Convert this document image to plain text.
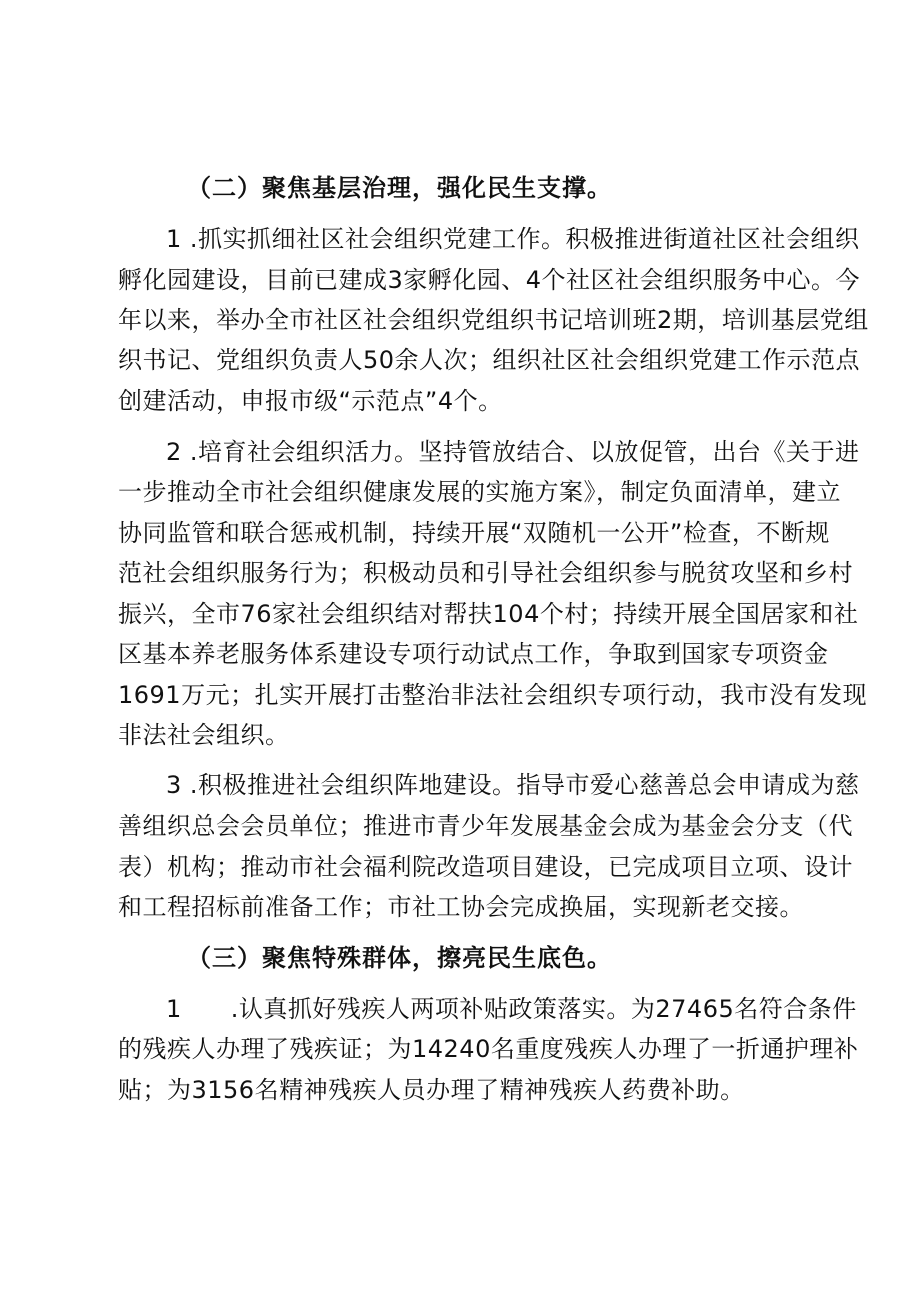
（二）聚焦基层治理，强化民生支撑。
1 .抓实抓细社区社会组织党建工作。积极推进街道社区社会组织
孵化园建设，目前已建成3家孵化园、4个社区社会组织服务中心。今
年以来，举办全市社区社会组织党组织书记培训班2期，培训基层党组
织书记、党组织负责人50余人次；组织社区社会组织党建工作示范点
创建活动，申报市级“示范点”4个。
2 .培育社会组织活力。坚持管放结合、以放促管，出台《关于进
一步推动全市社会组织健康发展的实施方案》，制定负面清单，建立
协同监管和联合惩戒机制，持续开展“双随机一公开”检查，不断规
范社会组织服务行为；积极动员和引导社会组织参与脱贫攻坚和乡村
振兴，全市76家社会组织结对帮扶104个村；持续开展全国居家和社
区基本养老服务体系建设专项行动试点工作，争取到国家专项资金
1691万元；扎实开展打击整治非法社会组织专项行动，我市没有发现
非法社会组织。
3 .积极推进社会组织阵地建设。指导市爱心慈善总会申请成为慈
善组织总会会员单位；推进市青少年发展基金会成为基金会分支（代
表）机构；推动市社会福利院改造项目建设，已完成项目立项、设计
和工程招标前准备工作；市社工协会完成换届，实现新老交接。
（三）聚焦特殊群体，擦亮民生底色。
1　　.认真抓好残疾人两项补贴政策落实。为27465名符合条件
的残疾人办理了残疾证；为14240名重度残疾人办理了一折通护理补
贴；为3156名精神残疾人员办理了精神残疾人药费补助。
